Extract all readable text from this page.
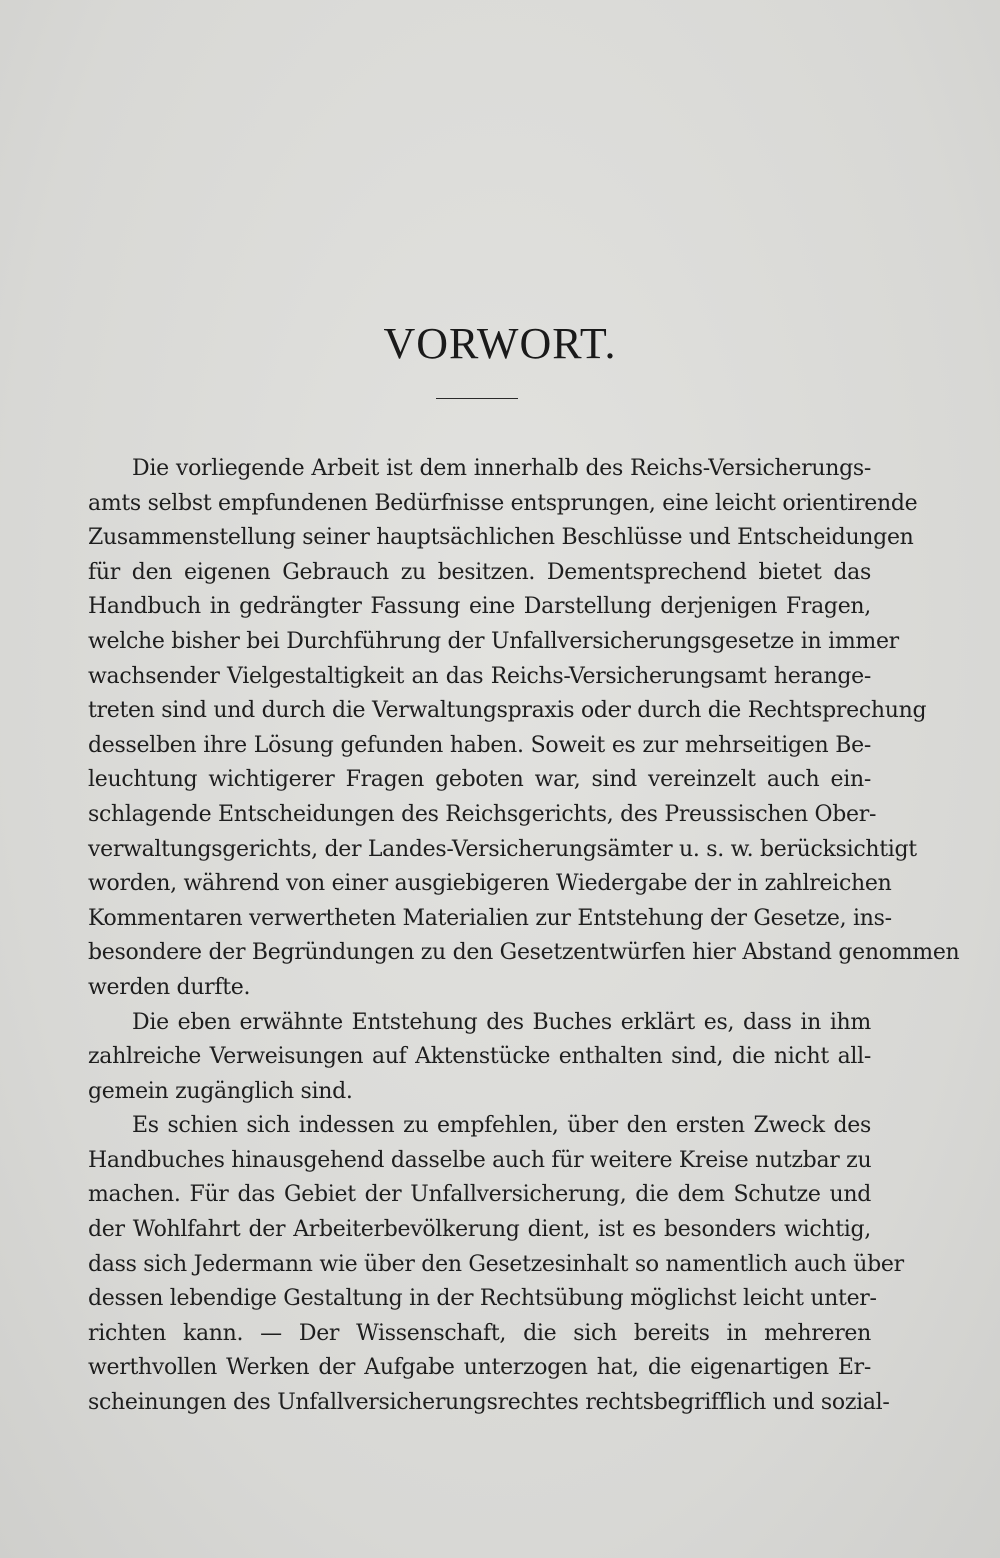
VORWORT.
Die vorliegende Arbeit ist dem innerhalb des Reichs-Versicherungs-
amts selbst empfundenen Bedürfnisse entsprungen, eine leicht orientirende
Zusammenstellung seiner hauptsächlichen Beschlüsse und Entscheidungen
für den eigenen Gebrauch zu besitzen. Dementsprechend bietet das
Handbuch in gedrängter Fassung eine Darstellung derjenigen Fragen,
welche bisher bei Durchführung der Unfallversicherungsgesetze in immer
wachsender Vielgestaltigkeit an das Reichs-Versicherungsamt herange-
treten sind und durch die Verwaltungspraxis oder durch die Rechtsprechung
desselben ihre Lösung gefunden haben. Soweit es zur mehrseitigen Be-
leuchtung wichtigerer Fragen geboten war, sind vereinzelt auch ein-
schlagende Entscheidungen des Reichsgerichts, des Preussischen Ober-
verwaltungsgerichts, der Landes-Versicherungsämter u. s. w. berücksichtigt
worden, während von einer ausgiebigeren Wiedergabe der in zahlreichen
Kommentaren verwertheten Materialien zur Entstehung der Gesetze, ins-
besondere der Begründungen zu den Gesetzentwürfen hier Abstand genommen
werden durfte.
Die eben erwähnte Entstehung des Buches erklärt es, dass in ihm
zahlreiche Verweisungen auf Aktenstücke enthalten sind, die nicht all-
gemein zugänglich sind.
Es schien sich indessen zu empfehlen, über den ersten Zweck des
Handbuches hinausgehend dasselbe auch für weitere Kreise nutzbar zu
machen. Für das Gebiet der Unfallversicherung, die dem Schutze und
der Wohlfahrt der Arbeiterbevölkerung dient, ist es besonders wichtig,
dass sich Jedermann wie über den Gesetzesinhalt so namentlich auch über
dessen lebendige Gestaltung in der Rechtsübung möglichst leicht unter-
richten kann. — Der Wissenschaft, die sich bereits in mehreren
werthvollen Werken der Aufgabe unterzogen hat, die eigenartigen Er-
scheinungen des Unfallversicherungsrechtes rechtsbegrifflich und sozial-
